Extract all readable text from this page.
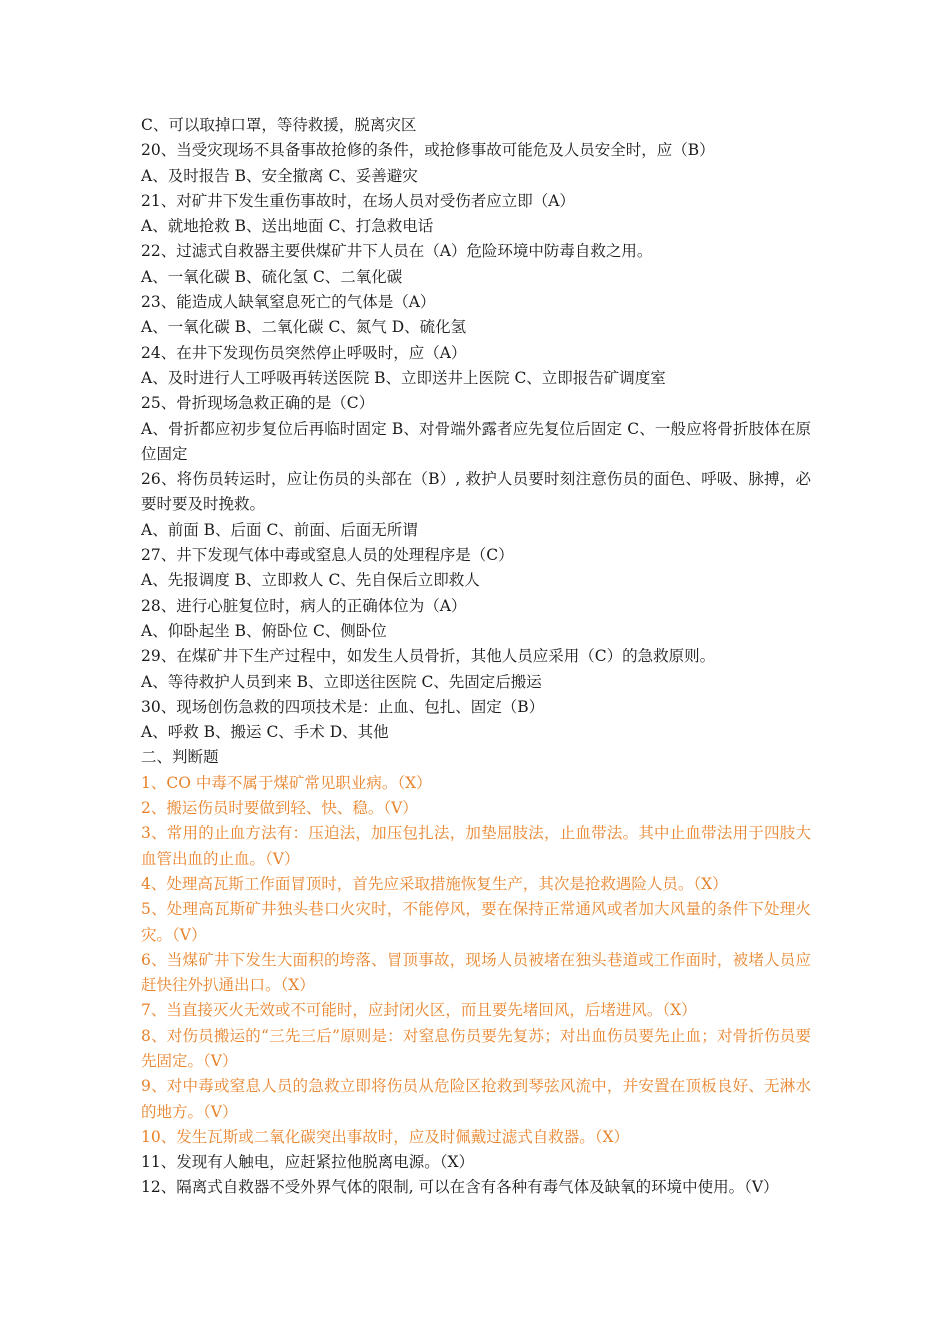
C、可以取掉口罩，等待救援，脱离灾区
20、当受灾现场不具备事故抢修的条件，或抢修事故可能危及人员安全时，应（B）
A、及时报告 B、安全撤离 C、妥善避灾
21、对矿井下发生重伤事故时，在场人员对受伤者应立即（A）
A、就地抢救 B、送出地面 C、打急救电话
22、过滤式自救器主要供煤矿井下人员在（A）危险环境中防毒自救之用。
A、一氧化碳 B、硫化氢 C、二氧化碳
23、能造成人缺氧窒息死亡的气体是（A）
A、一氧化碳 B、二氧化碳 C、氮气 D、硫化氢
24、在井下发现伤员突然停止呼吸时，应（A）
A、及时进行人工呼吸再转送医院 B、立即送井上医院 C、立即报告矿调度室
25、骨折现场急救正确的是（C）
A、骨折都应初步复位后再临时固定 B、对骨端外露者应先复位后固定 C、一般应将骨折肢体在原位固定
26、将伤员转运时，应让伤员的头部在（B）, 救护人员要时刻注意伤员的面色、呼吸、脉搏，必要时要及时挽救。
A、前面 B、后面 C、前面、后面无所谓
27、井下发现气体中毒或窒息人员的处理程序是（C）
A、先报调度 B、立即救人 C、先自保后立即救人
28、进行心脏复位时，病人的正确体位为（A）
A、仰卧起坐 B、俯卧位 C、侧卧位
29、在煤矿井下生产过程中，如发生人员骨折，其他人员应采用（C）的急救原则。
A、等待救护人员到来 B、立即送往医院 C、先固定后搬运
30、现场创伤急救的四项技术是：止血、包扎、固定（B）
A、呼救 B、搬运 C、手术 D、其他
二、判断题
1、CO 中毒不属于煤矿常见职业病。（X）
2、搬运伤员时要做到轻、快、稳。（V）
3、常用的止血方法有：压迫法，加压包扎法，加垫屈肢法，止血带法。其中止血带法用于四肢大血管出血的止血。（V）
4、处理高瓦斯工作面冒顶时，首先应采取措施恢复生产，其次是抢救遇险人员。（X）
5、处理高瓦斯矿井独头巷口火灾时，不能停风，要在保持正常通风或者加大风量的条件下处理火灾。（V）
6、当煤矿井下发生大面积的垮落、冒顶事故，现场人员被堵在独头巷道或工作面时，被堵人员应赶快往外扒通出口。（X）
7、当直接灭火无效或不可能时，应封闭火区，而且要先堵回风，后堵进风。（X）
8、对伤员搬运的“三先三后”原则是：对窒息伤员要先复苏；对出血伤员要先止血；对骨折伤员要先固定。（V）
9、对中毒或窒息人员的急救立即将伤员从危险区抢救到琴弦风流中，并安置在顶板良好、无淋水的地方。（V）
10、发生瓦斯或二氧化碳突出事故时，应及时佩戴过滤式自救器。（X）
11、发现有人触电，应赶紧拉他脱离电源。（X）
12、隔离式自救器不受外界气体的限制, 可以在含有各种有毒气体及缺氧的环境中使用。（V）
